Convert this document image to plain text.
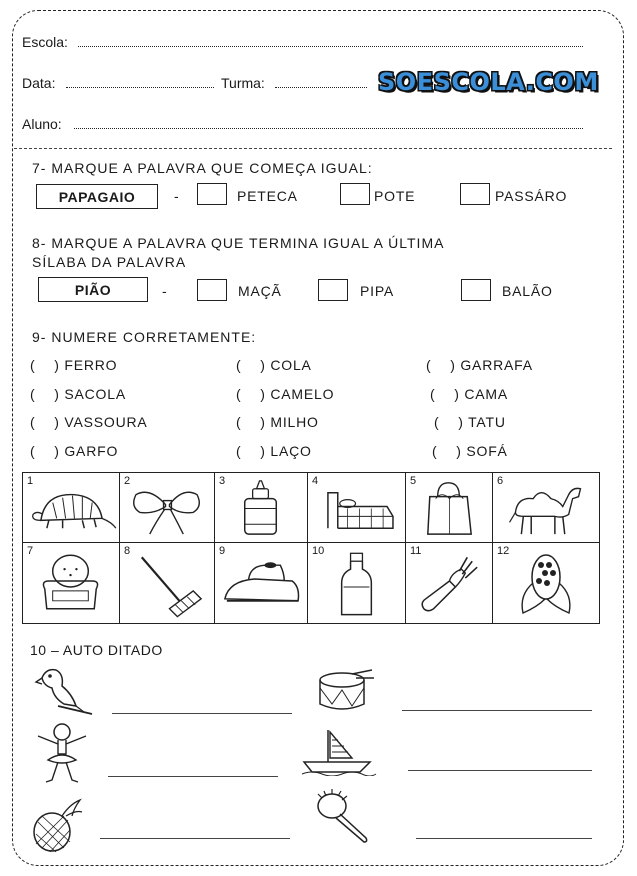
Escola:
Data:	Turma:	SOESCOLA.COM
Aluno:
7- MARQUE A PALAVRA QUE COMEÇA IGUAL:
PAPAGAIO	-	PETECA	POTE	PASSÁRO
8- MARQUE A PALAVRA QUE TERMINA IGUAL A ÚLTIMA
SÍLABA DA PALAVRA
PIÃO	-	MAÇÃ	PIPA	BALÃO
9- NUMERE CORRETAMENTE:
(    ) FERRO	(    ) COLA	(    ) GARRAFA
(    ) SACOLA	(    ) CAMELO	(    ) CAMA
(    ) VASSOURA	(    ) MILHO	(    ) TATU
(    ) GARFO	(    ) LAÇO	(    ) SOFÁ
1	2	3	4	5	6
7	8	9	10	11	12
10 – AUTO DITADO
